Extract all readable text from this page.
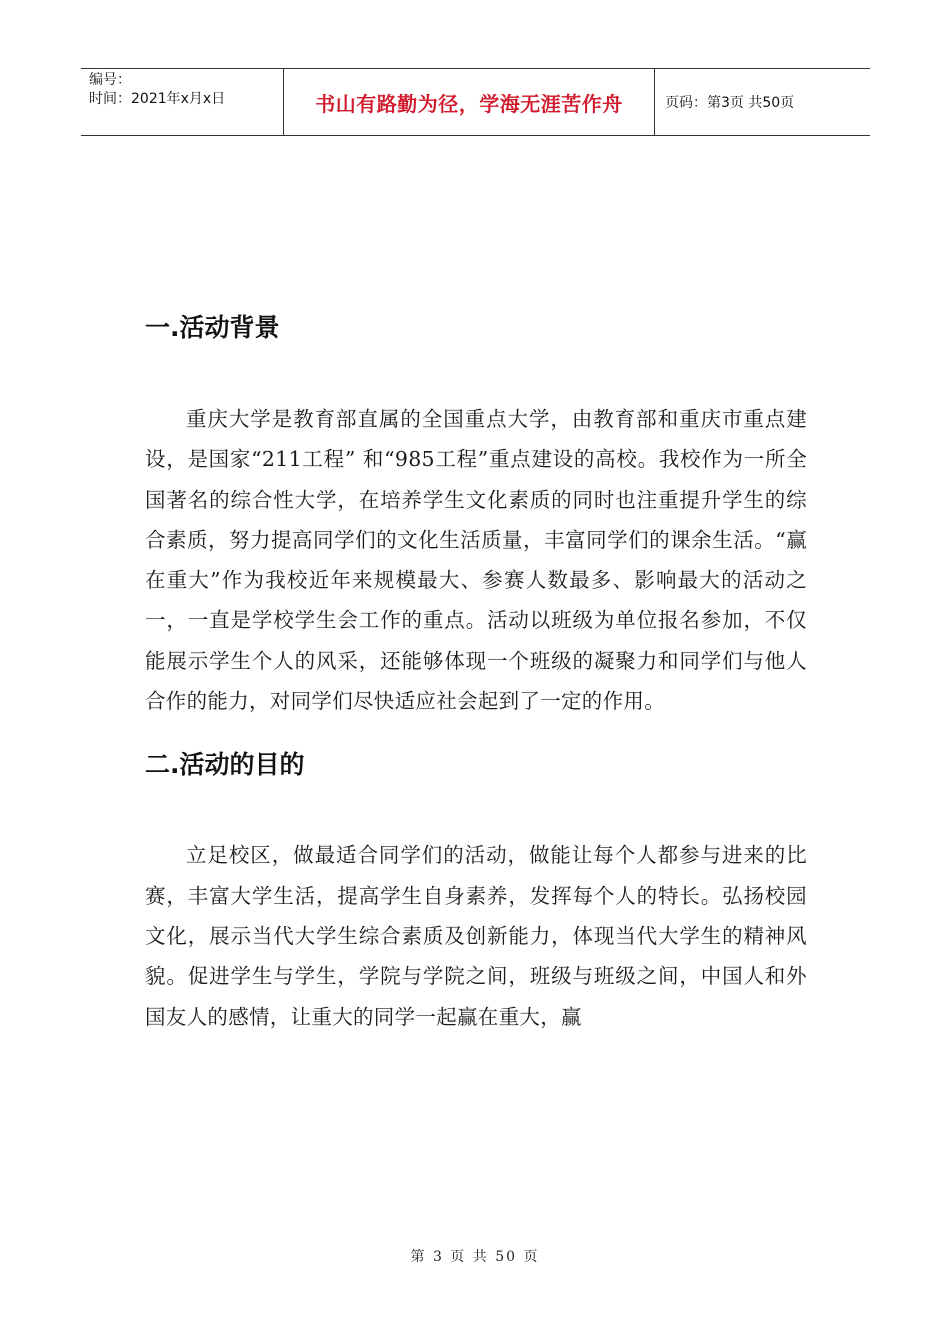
编号：
时间：2021年x月x日	书山有路勤为径，学海无涯苦作舟	页码：第3页 共50页
一.活动背景

重庆大学是教育部直属的全国重点大学，由教育部和重庆市重点建设，是国家“211工程” 和“985工程”重点建设的高校。我校作为一所全国著名的综合性大学，在培养学生文化素质的同时也注重提升学生的综合素质，努力提高同学们的文化生活质量，丰富同学们的课余生活。“赢在重大”作为我校近年来规模最大、参赛人数最多、影响最大的活动之一，一直是学校学生会工作的重点。活动以班级为单位报名参加，不仅能展示学生个人的风采，还能够体现一个班级的凝聚力和同学们与他人合作的能力，对同学们尽快适应社会起到了一定的作用。

二.活动的目的

立足校区，做最适合同学们的活动，做能让每个人都参与进来的比赛，丰富大学生活，提高学生自身素养，发挥每个人的特长。弘扬校园文化，展示当代大学生综合素质及创新能力，体现当代大学生的精神风貌。促进学生与学生，学院与学院之间，班级与班级之间，中国人和外国友人的感情，让重大的同学一起赢在重大，赢

第 3 页 共 50 页
